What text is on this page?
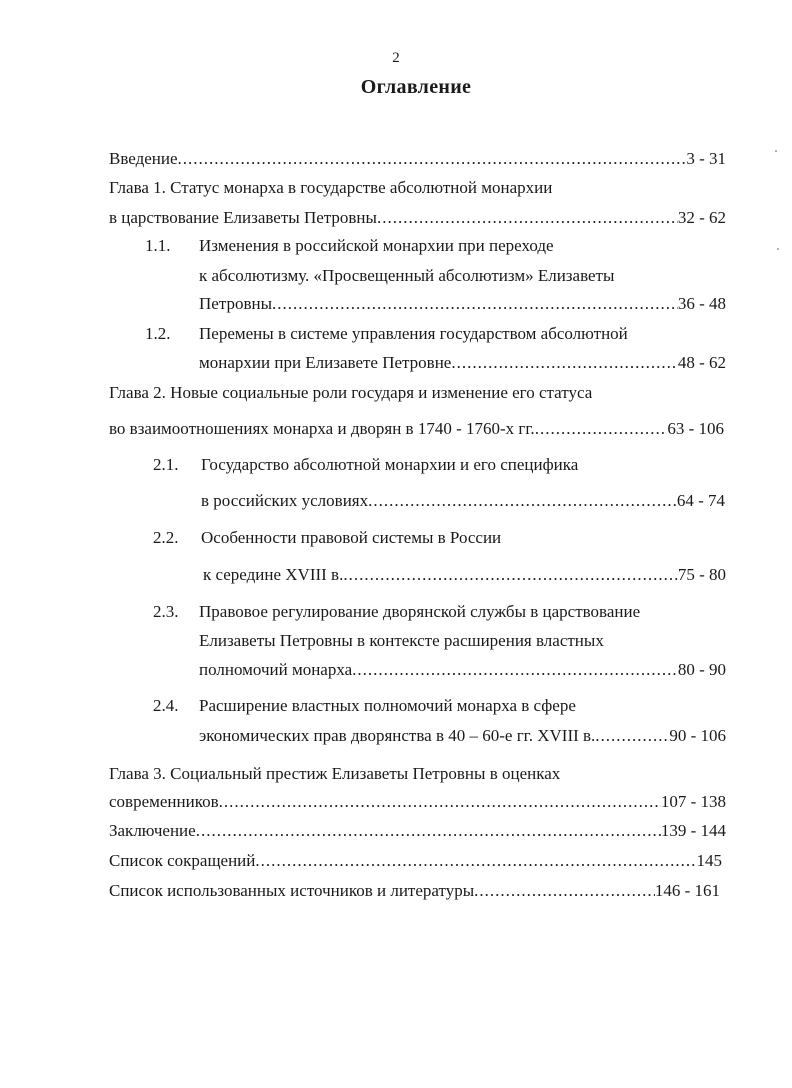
2
Оглавление
Введение .....	3 - 31
Глава 1. Статус монарха в государстве абсолютной монархии
в царствование Елизаветы Петровны .....	32 - 62
1.1. Изменения в российской монархии при переходе
к абсолютизму. «Просвещенный абсолютизм» Елизаветы
Петровны .....	36 - 48
1.2. Перемены в системе управления государством абсолютной
монархии при Елизавете Петровне .....	48 - 62
Глава 2. Новые социальные роли государя и изменение его статуса
во взаимоотношениях монарха и дворян в 1740 - 1760-х гг. .....	63 - 106
2.1. Государство абсолютной монархии и его специфика
в российских условиях .....	64 - 74
2.2. Особенности правовой системы в России
к середине XVIII в. .....	75 - 80
2.3. Правовое регулирование дворянской службы в царствование
Елизаветы Петровны в контексте расширения властных
полномочий монарха .....	80 - 90
2.4. Расширение властных полномочий монарха в сфере
экономических прав дворянства в 40 – 60-е гг. XVIII в. .....	90 - 106
Глава 3. Социальный престиж Елизаветы Петровны в оценках
современников .....	107 - 138
Заключение .....	139 - 144
Список сокращений .....	145
Список использованных источников и литературы .....	146 - 161
